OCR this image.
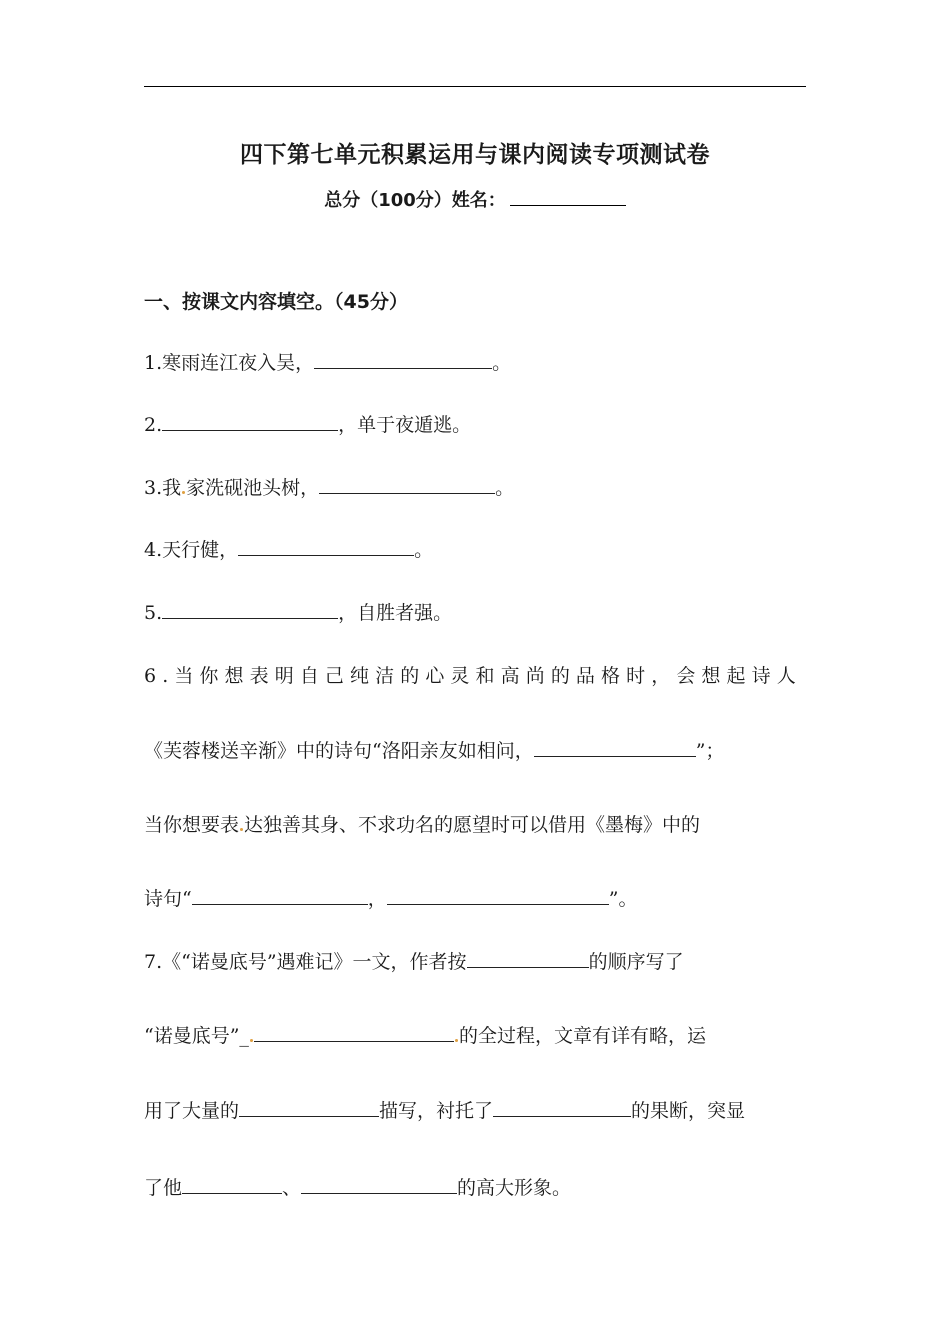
四下第七单元积累运用与课内阅读专项测试卷
总分（100分）姓名：
一、按课文内容填空。（45分）
1.寒雨连江夜入吴，	。
2.	，单于夜遁逃。
3.我 家洗砚池头树，	。
4.天行健，	。
5.	，自胜者强。
6.当你想表明自己纯洁的心灵和高尚的品格时，会想起诗人
《芙蓉楼送辛渐》中的诗句“洛阳亲友如相问，	”；
当你想要表 达独善其身、不求功名的愿望时可以借用《墨梅》中的
诗句“	，	”。
7.《“诺曼底号”遇难记》一文，作者按	的顺序写了
“诺曼底号”_	的全过程，文章有详有略，运
用了大量的	描写，衬托了	的果断，突显
了他	、	的高大形象。
